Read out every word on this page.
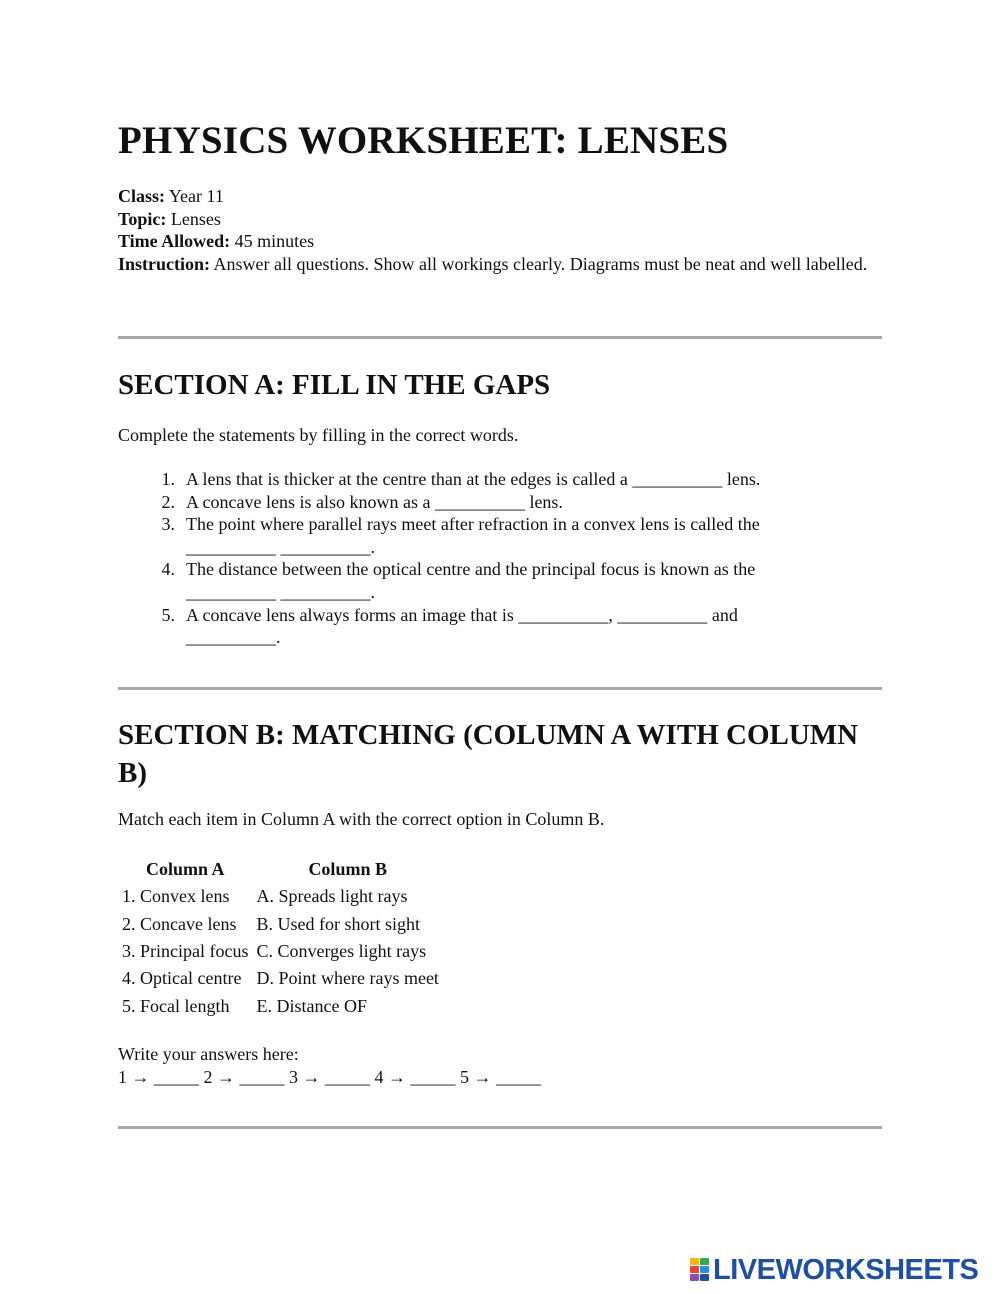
PHYSICS WORKSHEET: LENSES
Class: Year 11
Topic: Lenses
Time Allowed: 45 minutes
Instruction: Answer all questions. Show all workings clearly. Diagrams must be neat and well labelled.
SECTION A: FILL IN THE GAPS
Complete the statements by filling in the correct words.
1 . A lens that is thicker at the centre than at the edges is called a __________ lens.
2 . A concave lens is also known as a __________ lens.
3 . The point where parallel rays meet after refraction in a convex lens is called the __________ __________.
4 . The distance between the optical centre and the principal focus is known as the __________ __________.
5 . A concave lens always forms an image that is __________, __________ and __________.
SECTION B: MATCHING (COLUMN A WITH COLUMN B)
Match each item in Column A with the correct option in Column B.
Column A	Column B
1. Convex lens	A. Spreads light rays
2. Concave lens	B. Used for short sight
3. Principal focus	C. Converges light rays
4. Optical centre	D. Point where rays meet
5. Focal length	E. Distance OF
Write your answers here:
1 → _____ 2 → _____ 3 → _____ 4 → _____ 5 → _____
LIVEWORKSHEETS
